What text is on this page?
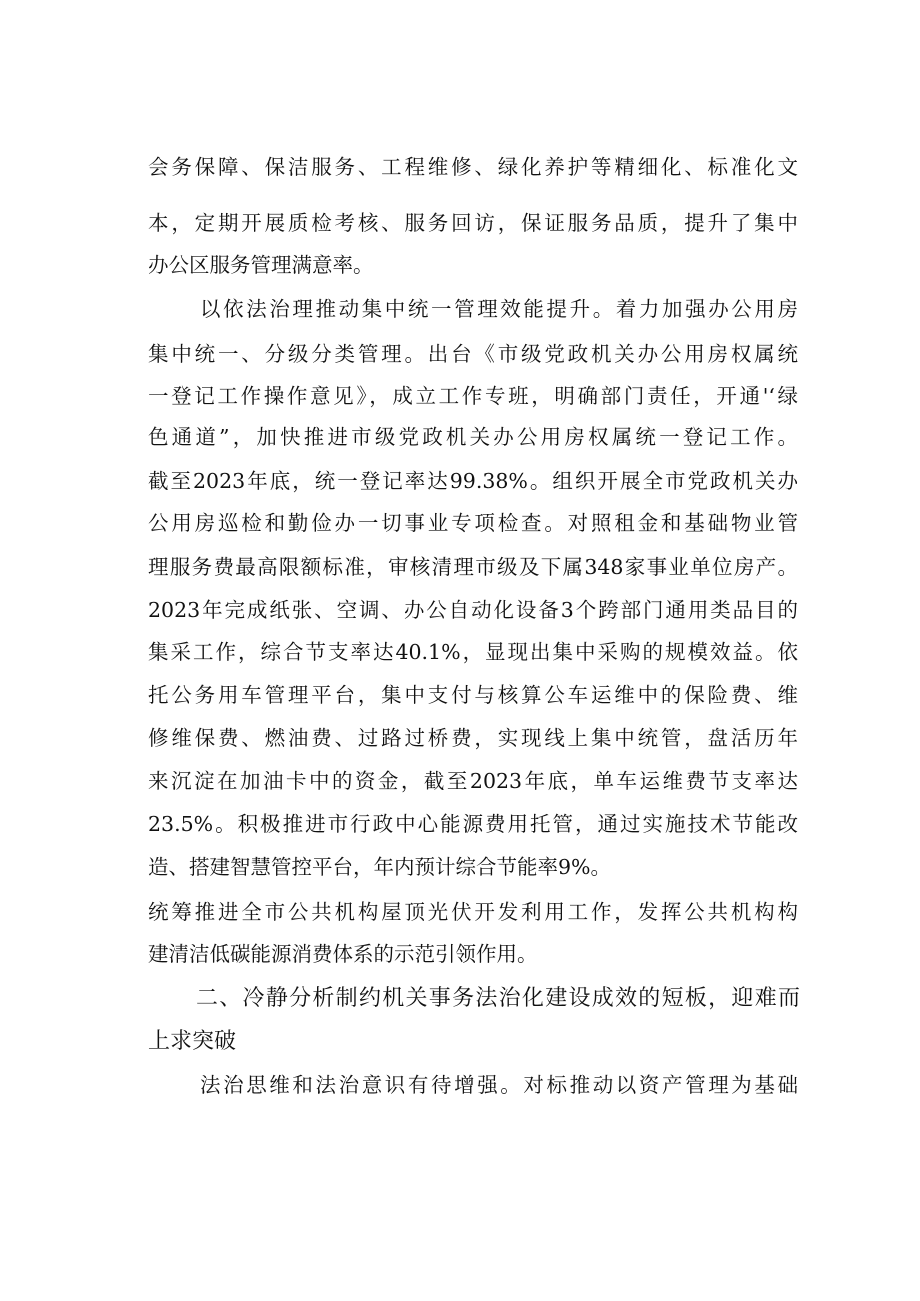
会务保障、保洁服务、工程维修、绿化养护等精细化、标准化文
本，定期开展质检考核、服务回访，保证服务品质，提升了集中
办公区服务管理满意率。
以依法治理推动集中统一管理效能提升。着力加强办公用房
集中统一、分级分类管理。出台《市级党政机关办公用房权属统
一登记工作操作意见》，成立工作专班，明确部门责任，开通'‘绿
色通道”，加快推进市级党政机关办公用房权属统一登记工作。
截至2023年底，统一登记率达99.38%。组织开展全市党政机关办
公用房巡检和勤俭办一切事业专项检查。对照租金和基础物业管
理服务费最高限额标准，审核清理市级及下属348家事业单位房产。
2023年完成纸张、空调、办公自动化设备3个跨部门通用类品目的
集采工作，综合节支率达40.1%，显现出集中采购的规模效益。依
托公务用车管理平台，集中支付与核算公车运维中的保险费、维
修维保费、燃油费、过路过桥费，实现线上集中统管，盘活历年
来沉淀在加油卡中的资金，截至2023年底，单车运维费节支率达
23.5%。积极推进市行政中心能源费用托管，通过实施技术节能改
造、搭建智慧管控平台，年内预计综合节能率9%。
统筹推进全市公共机构屋顶光伏开发利用工作，发挥公共机构构
建清洁低碳能源消费体系的示范引领作用。
二、冷静分析制约机关事务法治化建设成效的短板，迎难而
上求突破
法治思维和法治意识有待增强。对标推动以资产管理为基础
